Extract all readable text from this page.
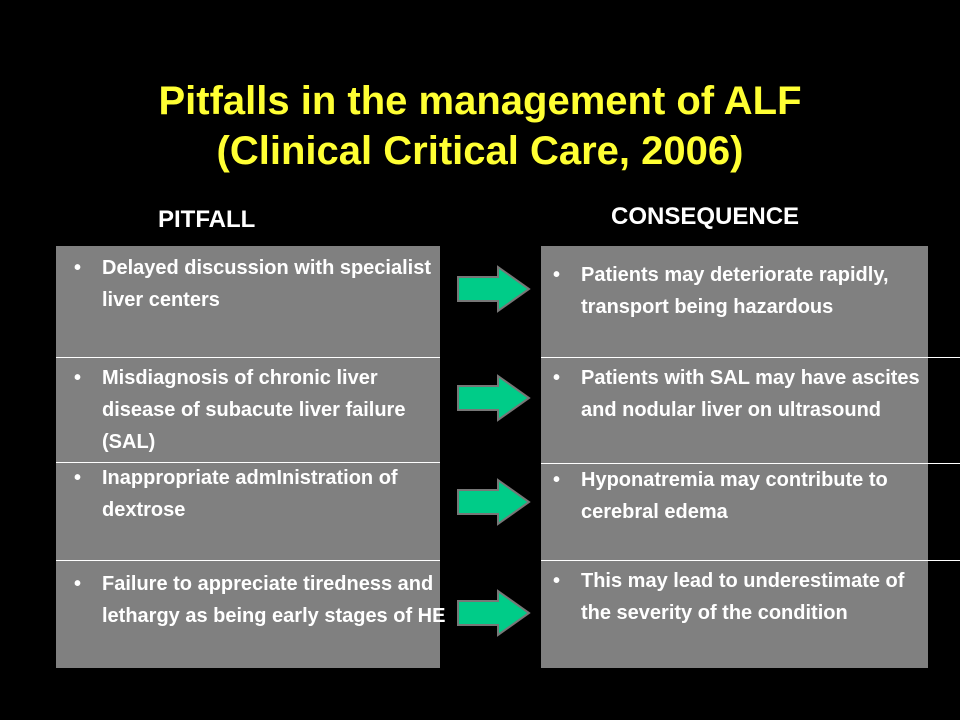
Pitfalls in the management of ALF
(Clinical Critical Care, 2006)
PITFALL	CONSEQUENCE
• Delayed discussion with specialist liver centers
• Patients may deteriorate rapidly, transport being hazardous
• Misdiagnosis of chronic liver disease of subacute liver failure (SAL)
• Patients with SAL may have ascites and nodular liver on ultrasound
• Inappropriate admInistration of dextrose
• Hyponatremia may contribute to cerebral edema
• Failure to appreciate tiredness and lethargy as being early stages of HE
• This may lead to underestimate of the severity of the condition
